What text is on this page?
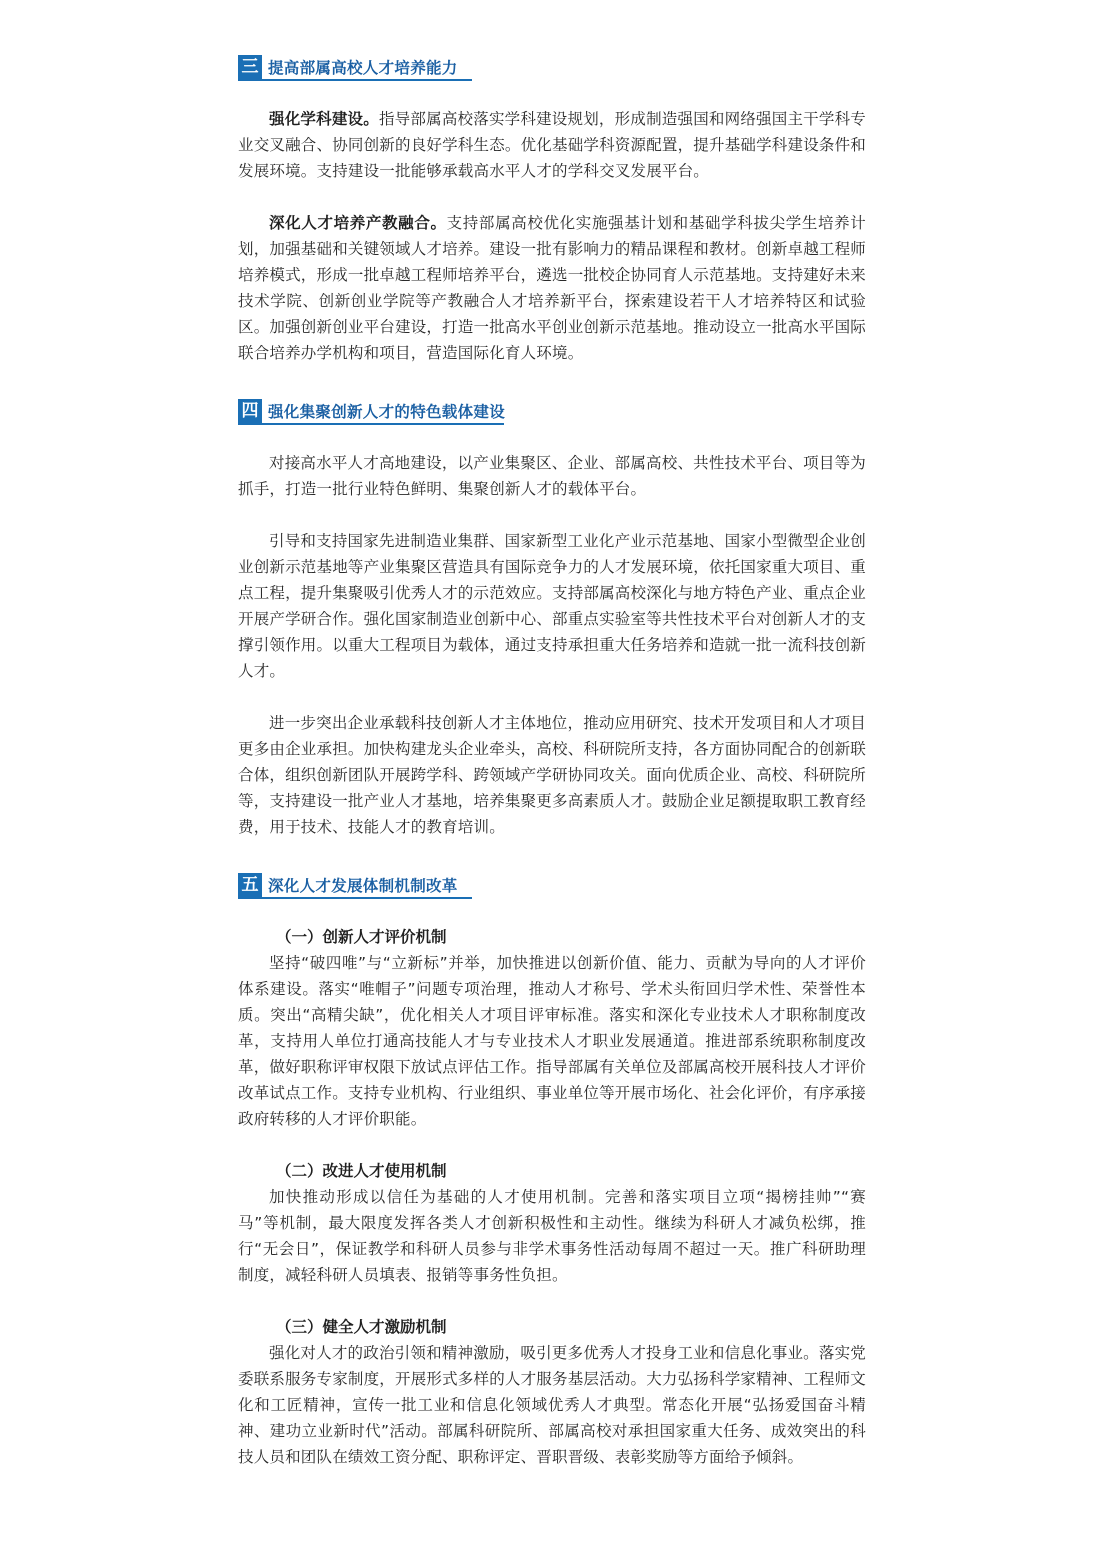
三 提高部属高校人才培养能力

强化学科建设。指导部属高校落实学科建设规划，形成制造强国和网络强国主干学科专业交叉融合、协同创新的良好学科生态。优化基础学科资源配置，提升基础学科建设条件和发展环境。支持建设一批能够承载高水平人才的学科交叉发展平台。

深化人才培养产教融合。支持部属高校优化实施强基计划和基础学科拔尖学生培养计划，加强基础和关键领域人才培养。建设一批有影响力的精品课程和教材。创新卓越工程师培养模式，形成一批卓越工程师培养平台，遴选一批校企协同育人示范基地。支持建好未来技术学院、创新创业学院等产教融合人才培养新平台，探索建设若干人才培养特区和试验区。加强创新创业平台建设，打造一批高水平创业创新示范基地。推动设立一批高水平国际联合培养办学机构和项目，营造国际化育人环境。

四 强化集聚创新人才的特色载体建设

对接高水平人才高地建设，以产业集聚区、企业、部属高校、共性技术平台、项目等为抓手，打造一批行业特色鲜明、集聚创新人才的载体平台。

引导和支持国家先进制造业集群、国家新型工业化产业示范基地、国家小型微型企业创业创新示范基地等产业集聚区营造具有国际竞争力的人才发展环境，依托国家重大项目、重点工程，提升集聚吸引优秀人才的示范效应。支持部属高校深化与地方特色产业、重点企业开展产学研合作。强化国家制造业创新中心、部重点实验室等共性技术平台对创新人才的支撑引领作用。以重大工程项目为载体，通过支持承担重大任务培养和造就一批一流科技创新人才。

进一步突出企业承载科技创新人才主体地位，推动应用研究、技术开发项目和人才项目更多由企业承担。加快构建龙头企业牵头，高校、科研院所支持，各方面协同配合的创新联合体，组织创新团队开展跨学科、跨领域产学研协同攻关。面向优质企业、高校、科研院所等，支持建设一批产业人才基地，培养集聚更多高素质人才。鼓励企业足额提取职工教育经费，用于技术、技能人才的教育培训。

五 深化人才发展体制机制改革

（一）创新人才评价机制

坚持“破四唯”与“立新标”并举，加快推进以创新价值、能力、贡献为导向的人才评价体系建设。落实“唯帽子”问题专项治理，推动人才称号、学术头衔回归学术性、荣誉性本质。突出“高精尖缺”，优化相关人才项目评审标准。落实和深化专业技术人才职称制度改革，支持用人单位打通高技能人才与专业技术人才职业发展通道。推进部系统职称制度改革，做好职称评审权限下放试点评估工作。指导部属有关单位及部属高校开展科技人才评价改革试点工作。支持专业机构、行业组织、事业单位等开展市场化、社会化评价，有序承接政府转移的人才评价职能。

（二）改进人才使用机制

加快推动形成以信任为基础的人才使用机制。完善和落实项目立项“揭榜挂帅”“赛马”等机制，最大限度发挥各类人才创新积极性和主动性。继续为科研人才减负松绑，推行“无会日”，保证教学和科研人员参与非学术事务性活动每周不超过一天。推广科研助理制度，减轻科研人员填表、报销等事务性负担。

（三）健全人才激励机制

强化对人才的政治引领和精神激励，吸引更多优秀人才投身工业和信息化事业。落实党委联系服务专家制度，开展形式多样的人才服务基层活动。大力弘扬科学家精神、工程师文化和工匠精神，宣传一批工业和信息化领域优秀人才典型。常态化开展“弘扬爱国奋斗精神、建功立业新时代”活动。部属科研院所、部属高校对承担国家重大任务、成效突出的科技人员和团队在绩效工资分配、职称评定、晋职晋级、表彰奖励等方面给予倾斜。
